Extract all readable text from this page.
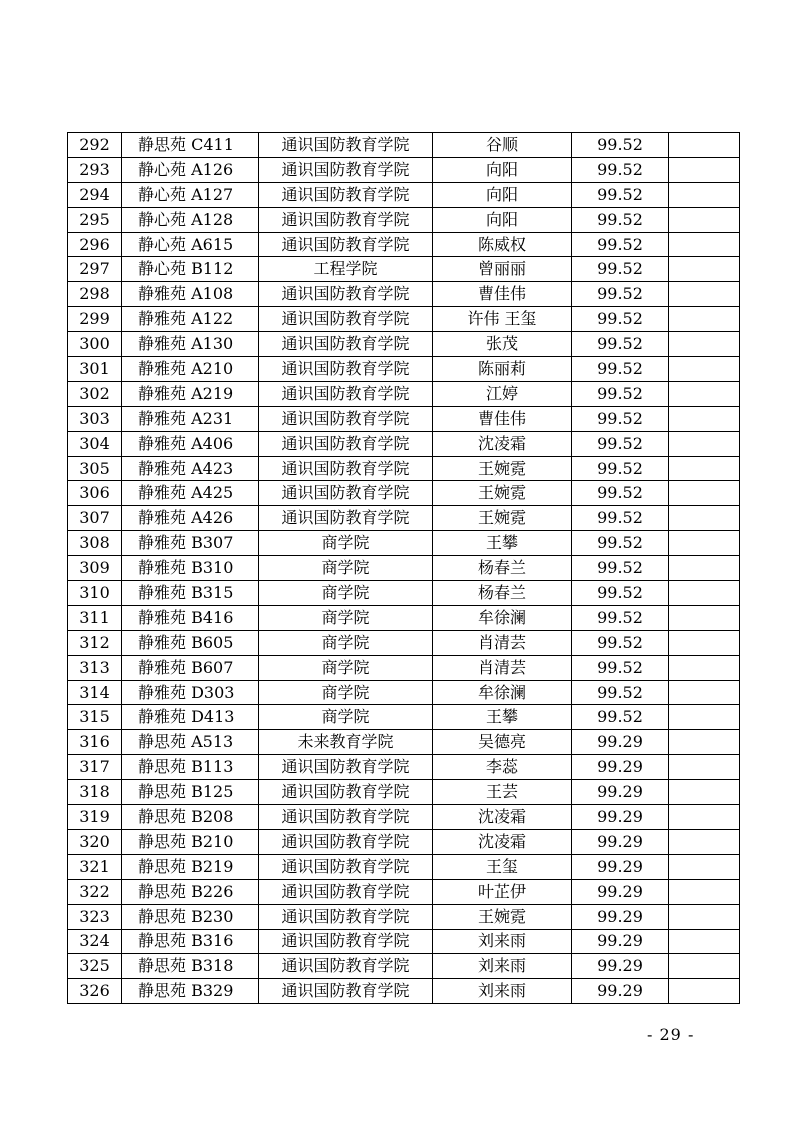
292	静思苑 C411	通识国防教育学院	谷顺	99.52	
293	静心苑 A126	通识国防教育学院	向阳	99.52	
294	静心苑 A127	通识国防教育学院	向阳	99.52	
295	静心苑 A128	通识国防教育学院	向阳	99.52	
296	静心苑 A615	通识国防教育学院	陈威权	99.52	
297	静心苑 B112	工程学院	曾丽丽	99.52	
298	静雅苑 A108	通识国防教育学院	曹佳伟	99.52	
299	静雅苑 A122	通识国防教育学院	许伟 王玺	99.52	
300	静雅苑 A130	通识国防教育学院	张茂	99.52	
301	静雅苑 A210	通识国防教育学院	陈丽莉	99.52	
302	静雅苑 A219	通识国防教育学院	江婷	99.52	
303	静雅苑 A231	通识国防教育学院	曹佳伟	99.52	
304	静雅苑 A406	通识国防教育学院	沈凌霜	99.52	
305	静雅苑 A423	通识国防教育学院	王婉霓	99.52	
306	静雅苑 A425	通识国防教育学院	王婉霓	99.52	
307	静雅苑 A426	通识国防教育学院	王婉霓	99.52	
308	静雅苑 B307	商学院	王攀	99.52	
309	静雅苑 B310	商学院	杨春兰	99.52	
310	静雅苑 B315	商学院	杨春兰	99.52	
311	静雅苑 B416	商学院	牟徐澜	99.52	
312	静雅苑 B605	商学院	肖清芸	99.52	
313	静雅苑 B607	商学院	肖清芸	99.52	
314	静雅苑 D303	商学院	牟徐澜	99.52	
315	静雅苑 D413	商学院	王攀	99.52	
316	静思苑 A513	未来教育学院	吴德亮	99.29	
317	静思苑 B113	通识国防教育学院	李蕊	99.29	
318	静思苑 B125	通识国防教育学院	王芸	99.29	
319	静思苑 B208	通识国防教育学院	沈凌霜	99.29	
320	静思苑 B210	通识国防教育学院	沈凌霜	99.29	
321	静思苑 B219	通识国防教育学院	王玺	99.29	
322	静思苑 B226	通识国防教育学院	叶芷伊	99.29	
323	静思苑 B230	通识国防教育学院	王婉霓	99.29	
324	静思苑 B316	通识国防教育学院	刘来雨	99.29	
325	静思苑 B318	通识国防教育学院	刘来雨	99.29	
326	静思苑 B329	通识国防教育学院	刘来雨	99.29	
- 29 -
